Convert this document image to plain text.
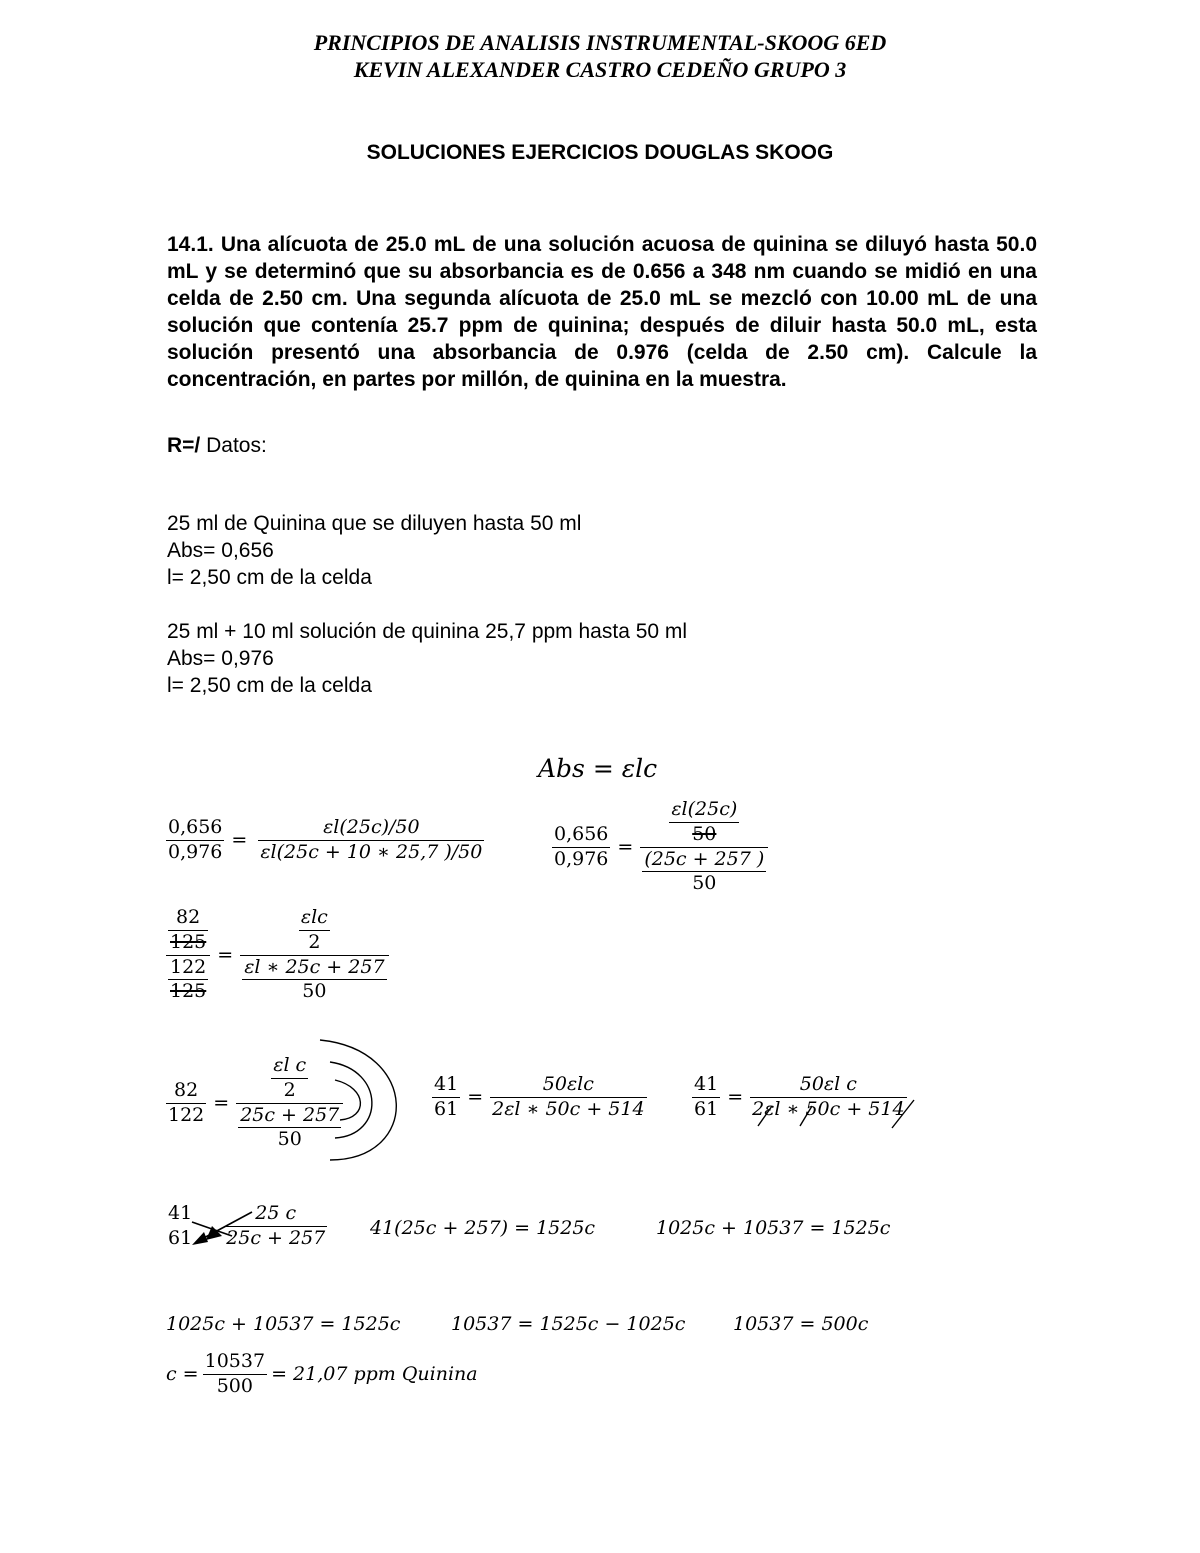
PRINCIPIOS DE ANALISIS INSTRUMENTAL-SKOOG 6ED
KEVIN ALEXANDER CASTRO CEDEÑO GRUPO 3
SOLUCIONES EJERCICIOS DOUGLAS SKOOG
14.1. Una alícuota de 25.0 mL de una solución acuosa de quinina se diluyó hasta 50.0 mL y se determinó que su absorbancia es de 0.656 a 348 nm cuando se midió en una celda de 2.50 cm. Una segunda alícuota de 25.0 mL se mezcló con 10.00 mL de una solución que contenía 25.7 ppm de quinina; después de diluir hasta 50.0 mL, esta solución presentó una absorbancia de 0.976 (celda de 2.50 cm). Calcule la concentración, en partes por millón, de quinina en la muestra.
R=/ Datos:
25 ml de Quinina que se diluyen hasta 50 ml
Abs= 0,656
l= 2,50 cm de la celda
25 ml + 10 ml solución de quinina 25,7 ppm hasta 50 ml
Abs= 0,976
l= 2,50 cm de la celda
Abs = εlc
$\frac{0,656}{0,976} = \frac{\varepsilon l(25c)/50}{\varepsilon l(25c + 10 ∗ 25,7 )/50}$	$\frac{0,656}{0,976} = \frac{\frac{\varepsilon l(25c)}{50}}{\frac{(25c + 257 )}{50}}$
$\frac{\frac{82}{125}}{\frac{122}{125}} = \frac{\frac{\text{εlc}}{2}}{\frac{\varepsilon l ∗ 25c + 257}{50}}$
$\frac{82}{122} = \frac{\frac{\text{εl c}}{2}}{\frac{25c + 257}{50}}$	$\frac{41}{61} = \frac{\text{50εlc}}{2\varepsilon l ∗ 50c + 514} \frac{41}{61} = \frac{\text{50εl c}}{2\varepsilon l ∗ 50c + 514}$
41
$61 \frac{25 c}{25c + 257} 41(25c + 257) = 1525c$	1025c + 10537 = 1525c
1025c + 10537 = 1525c	10537 = 1525c − 1025c	10537 = 500c
$c = \frac{10537}{500} = 21,07$ ppm Quinina
